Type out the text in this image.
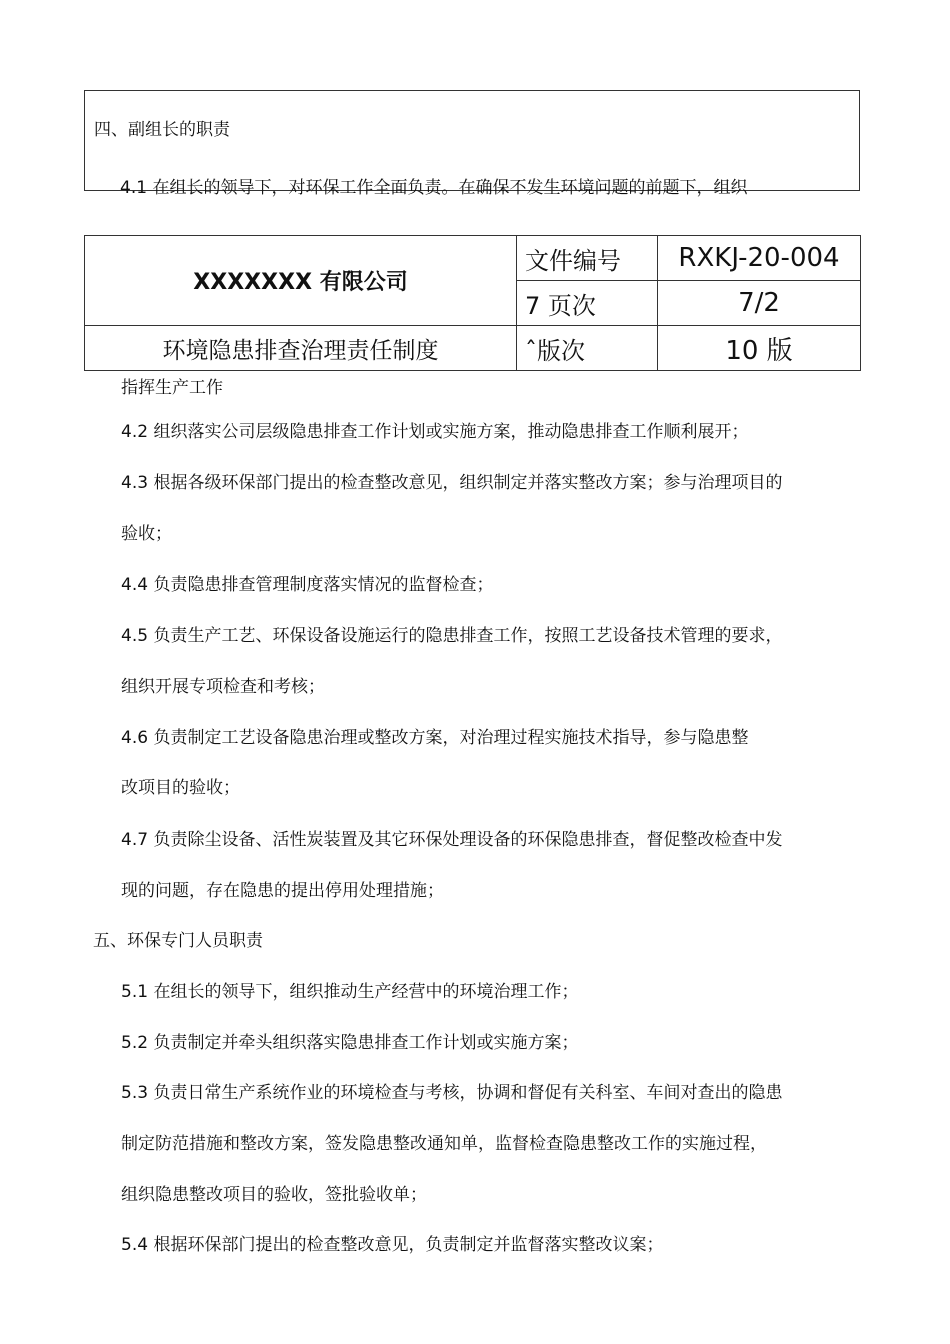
四、副组长的职责
4.1 在组长的领导下，对环保工作全面负责。在确保不发生环境问题的前题下，组织
XXXXXXX 有限公司	文件编号	RXKJ-20-004
	7 页次	7/2
环境隐患排查治理责任制度	ˆ版次	10 版
指挥生产工作
4.2 组织落实公司层级隐患排查工作计划或实施方案，推动隐患排查工作顺利展开；
4.3 根据各级环保部门提出的检查整改意见，组织制定并落实整改方案；参与治理项目的
验收；
4.4 负责隐患排查管理制度落实情况的监督检查；
4.5 负责生产工艺、环保设备设施运行的隐患排查工作，按照工艺设备技术管理的要求，
组织开展专项检查和考核；
4.6 负责制定工艺设备隐患治理或整改方案，对治理过程实施技术指导，参与隐患整
改项目的验收；
4.7 负责除尘设备、活性炭装置及其它环保处理设备的环保隐患排查，督促整改检查中发
现的问题，存在隐患的提出停用处理措施；
五、环保专门人员职责
5.1 在组长的领导下，组织推动生产经营中的环境治理工作；
5.2 负责制定并牵头组织落实隐患排查工作计划或实施方案；
5.3 负责日常生产系统作业的环境检查与考核，协调和督促有关科室、车间对查出的隐患
制定防范措施和整改方案，签发隐患整改通知单，监督检查隐患整改工作的实施过程，
组织隐患整改项目的验收，签批验收单；
5.4 根据环保部门提出的检查整改意见，负责制定并监督落实整改议案；
